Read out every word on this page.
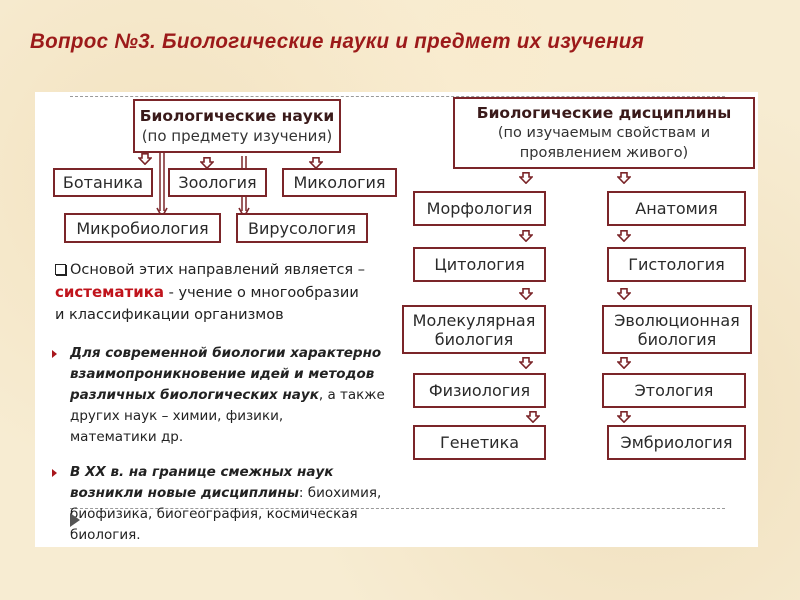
Вопрос №3. Биологические науки и предмет их изучения
Биологические науки
(по предмету изучения)
Ботаника	Зоология	Микология
Микробиология	Вирусология
Основой этих направлений является –
систематика - учение о многообразии
и классификации организмов
Для современной биологии характерно
взаимопроникновение идей и методов
различных биологических наук, а также
других наук – химии, физики,
математики др.
В ХХ в. на границе смежных наук
возникли новые дисциплины: биохимия,
биофизика, биогеография, космическая
биология.
Биологические дисциплины
(по изучаемым свойствам и
проявлением живого)
Морфология
Цитология
Молекулярная биология
Физиология
Генетика
Анатомия
Гистология
Эволюционная биология
Этология
Эмбриология
